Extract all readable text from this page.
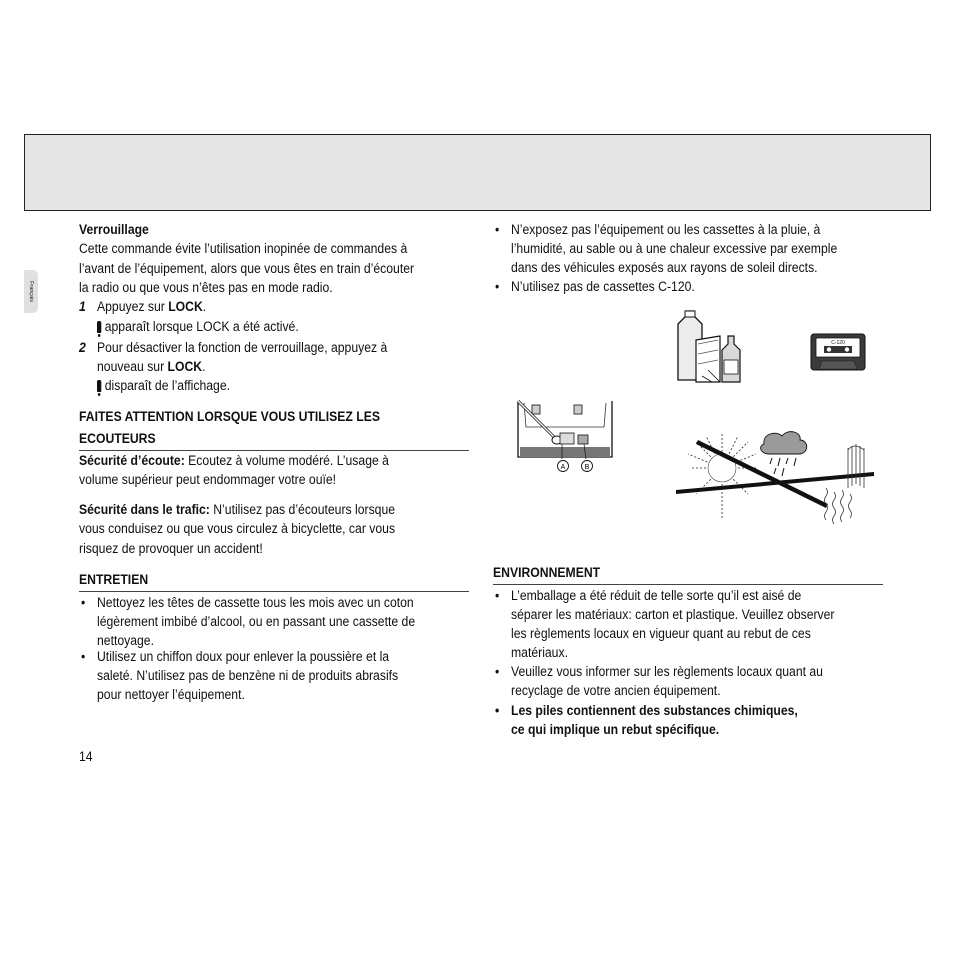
Français
Verrouillage
Cette commande évite l’utilisation inopinée de commandes à
l’avant de l’équipement, alors que vous êtes en train d’écouter
la radio ou que vous n’êtes pas en mode radio.
1 Appuyez sur LOCK.
apparaît lorsque LOCK a été activé.
2 Pour désactiver la fonction de verrouillage, appuyez à
nouveau sur LOCK.
disparaît de l’affichage.
FAITES ATTENTION LORSQUE VOUS UTILISEZ LES
ECOUTEURS
Sécurité d’écoute: Ecoutez à volume modéré. L’usage à
volume supérieur peut endommager votre ouïe!
Sécurité dans le trafic: N’utilisez pas d’écouteurs lorsque
vous conduisez ou que vous circulez à bicyclette, car vous
risquez de provoquer un accident!
ENTRETIEN
• Nettoyez les têtes de cassette tous les mois avec un coton
légèrement imbibé d’alcool, ou en passant une cassette de
nettoyage.
• Utilisez un chiffon doux pour enlever la poussière et la
saleté. N’utilisez pas de benzène ni de produits abrasifs
pour nettoyer l’équipement.
14
• N’exposez pas l’équipement ou les cassettes à la pluie, à
l’humidité, au sable ou à une chaleur excessive par exemple
dans des véhicules exposés aux rayons de soleil directs.
• N’utilisez pas de cassettes C-120.
C-120
A	B
ENVIRONNEMENT
• L’emballage a été réduit de telle sorte qu’il est aisé de
séparer les matériaux: carton et plastique. Veuillez observer
les règlements locaux en vigueur quant au rebut de ces
matériaux.
• Veuillez vous informer sur les règlements locaux quant au
recyclage de votre ancien équipement.
• Les piles contiennent des substances chimiques,
ce qui implique un rebut spécifique.
